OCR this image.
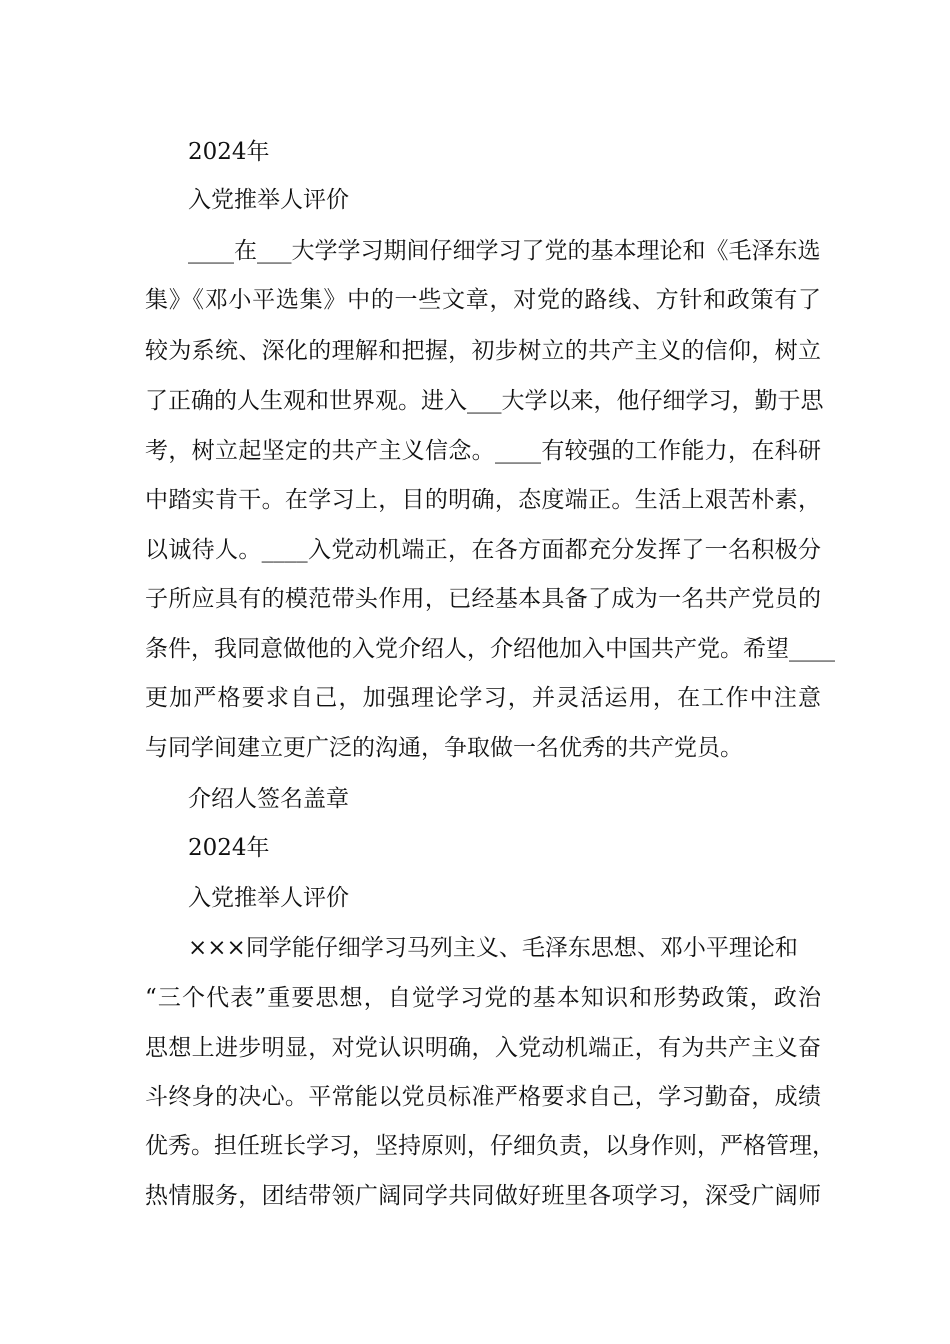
2024年
入党推举人评价
____在___大学学习期间仔细学习了党的基本理论和《毛泽东选
集》《邓小平选集》中的一些文章，对党的路线、方针和政策有了
较为系统、深化的理解和把握，初步树立的共产主义的信仰，树立
了正确的人生观和世界观。进入___大学以来，他仔细学习，勤于思
考，树立起坚定的共产主义信念。____有较强的工作能力，在科研
中踏实肯干。在学习上，目的明确，态度端正。生活上艰苦朴素，
以诚待人。____入党动机端正，在各方面都充分发挥了一名积极分
子所应具有的模范带头作用，已经基本具备了成为一名共产党员的
条件，我同意做他的入党介绍人，介绍他加入中国共产党。希望____
更加严格要求自己，加强理论学习，并灵活运用，在工作中注意
与同学间建立更广泛的沟通，争取做一名优秀的共产党员。
介绍人签名盖章
2024年
入党推举人评价
×××同学能仔细学习马列主义、毛泽东思想、邓小平理论和
“三个代表”重要思想，自觉学习党的基本知识和形势政策，政治
思想上进步明显，对党认识明确，入党动机端正，有为共产主义奋
斗终身的决心。平常能以党员标准严格要求自己，学习勤奋，成绩
优秀。担任班长学习，坚持原则，仔细负责，以身作则，严格管理，
热情服务，团结带领广阔同学共同做好班里各项学习，深受广阔师
